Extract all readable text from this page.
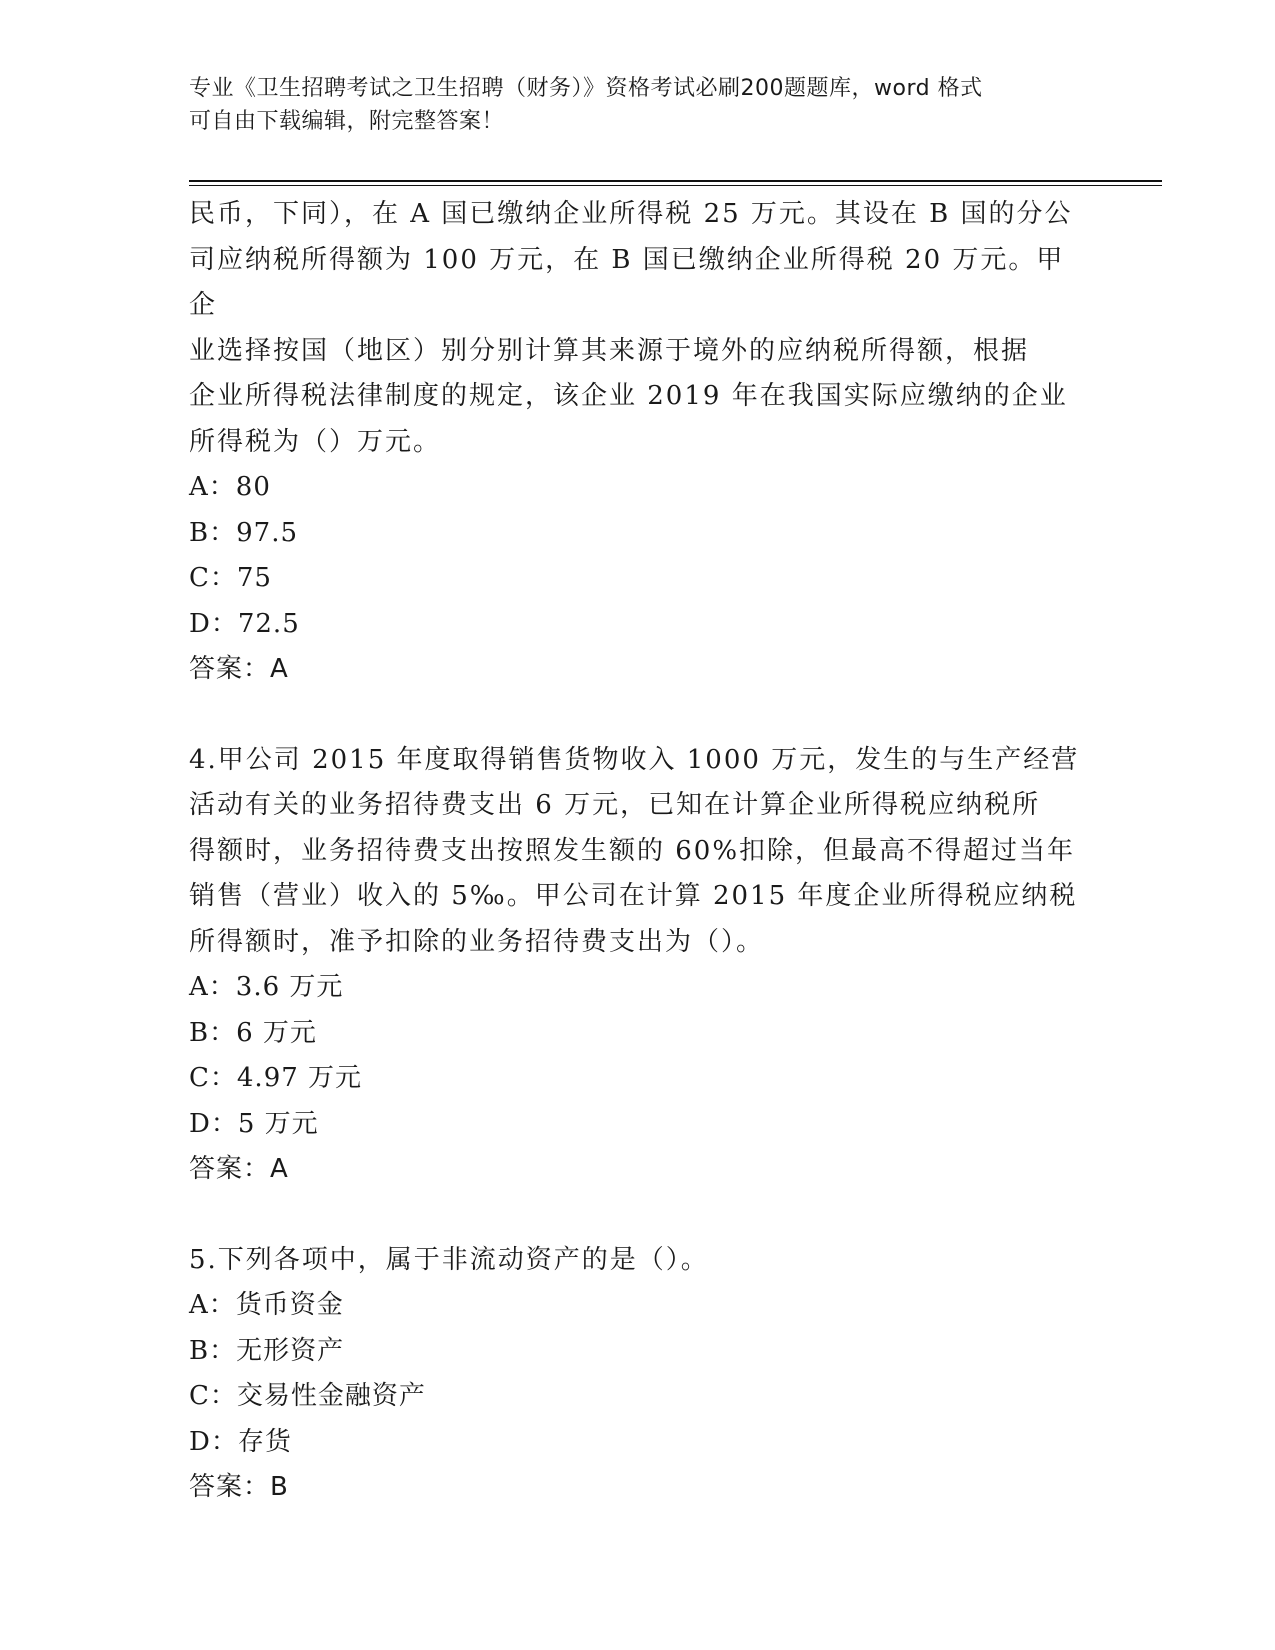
专业《卫生招聘考试之卫生招聘（财务）》资格考试必刷200题题库，word 格式
可自由下载编辑，附完整答案！

民币，下同），在 A 国已缴纳企业所得税 25 万元。其设在 B 国的分公

司应纳税所得额为 100 万元，在 B 国已缴纳企业所得税 20 万元。甲企

业选择按国（地区）别分别计算其来源于境外的应纳税所得额，根据

企业所得税法律制度的规定，该企业 2019 年在我国实际应缴纳的企业

所得税为（）万元。

A：80

B：97.5

C：75

D：72.5

答案：A

4.甲公司 2015 年度取得销售货物收入 1000 万元，发生的与生产经营

活动有关的业务招待费支出 6 万元，已知在计算企业所得税应纳税所

得额时，业务招待费支出按照发生额的 60%扣除，但最高不得超过当年

销售（营业）收入的 5‰。甲公司在计算 2015 年度企业所得税应纳税

所得额时，准予扣除的业务招待费支出为（）。

A：3.6 万元

B：6 万元

C：4.97 万元

D：5 万元

答案：A

5.下列各项中，属于非流动资产的是（）。

A：货币资金

B：无形资产

C：交易性金融资产

D：存货

答案：B
